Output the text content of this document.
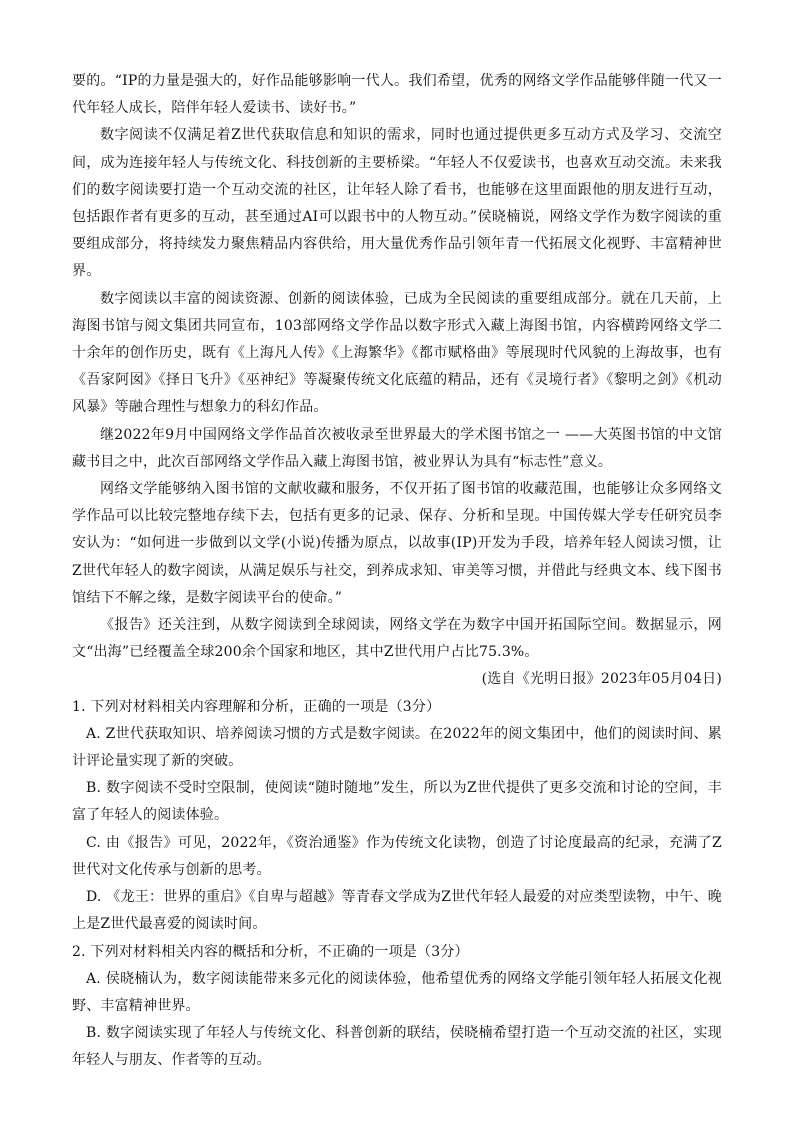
要的。“IP的力量是强大的，好作品能够影响一代人。我们希望，优秀的网络文学作品能够伴随一代又一代年轻人成长，陪伴年轻人爱读书、读好书。”

数字阅读不仅满足着Z世代获取信息和知识的需求，同时也通过提供更多互动方式及学习、交流空间，成为连接年轻人与传统文化、科技创新的主要桥梁。“年轻人不仅爱读书，也喜欢互动交流。未来我们的数字阅读要打造一个互动交流的社区，让年轻人除了看书，也能够在这里面跟他的朋友进行互动，包括跟作者有更多的互动，甚至通过AI可以跟书中的人物互动。”侯晓楠说，网络文学作为数字阅读的重要组成部分，将持续发力聚焦精品内容供给，用大量优秀作品引领年青一代拓展文化视野、丰富精神世界。

数字阅读以丰富的阅读资源、创新的阅读体验，已成为全民阅读的重要组成部分。就在几天前，上海图书馆与阅文集团共同宣布，103部网络文学作品以数字形式入藏上海图书馆，内容横跨网络文学二十余年的创作历史，既有《上海凡人传》《上海繁华》《都市赋格曲》等展现时代风貌的上海故事，也有《吾家阿囡》《择日飞升》《巫神纪》等凝聚传统文化底蕴的精品，还有《灵境行者》《黎明之剑》《机动风暴》等融合理性与想象力的科幻作品。

继2022年9月中国网络文学作品首次被收录至世界最大的学术图书馆之一 ——大英图书馆的中文馆藏书目之中，此次百部网络文学作品入藏上海图书馆，被业界认为具有“标志性”意义。

网络文学能够纳入图书馆的文献收藏和服务，不仅开拓了图书馆的收藏范围，也能够让众多网络文学作品可以比较完整地存续下去，包括有更多的记录、保存、分析和呈现。中国传媒大学专任研究员李安认为：“如何进一步做到以文学(小说)传播为原点，以故事(IP)开发为手段，培养年轻人阅读习惯，让Z世代年轻人的数字阅读，从满足娱乐与社交，到养成求知、审美等习惯，并借此与经典文本、线下图书馆结下不解之缘，是数字阅读平台的使命。”

《报告》还关注到，从数字阅读到全球阅读，网络文学在为数字中国开拓国际空间。数据显示，网文“出海”已经覆盖全球200余个国家和地区，其中Z世代用户占比75.3%。

(选自《光明日报》2023年05月04日)

1. 下列对材料相关内容理解和分析，正确的一项是（3分）

A. Z世代获取知识、培养阅读习惯的方式是数字阅读。在2022年的阅文集团中，他们的阅读时间、累计评论量实现了新的突破。

B. 数字阅读不受时空限制，使阅读“随时随地”发生，所以为Z世代提供了更多交流和讨论的空间，丰富了年轻人的阅读体验。

C. 由《报告》可见，2022年，《资治通鉴》作为传统文化读物，创造了讨论度最高的纪录，充满了Z世代对文化传承与创新的思考。

D. 《龙王：世界的重启》《自卑与超越》等青春文学成为Z世代年轻人最爱的对应类型读物，中午、晚上是Z世代最喜爱的阅读时间。

2. 下列对材料相关内容的概括和分析，不正确的一项是（3分）

A. 侯晓楠认为，数字阅读能带来多元化的阅读体验，他希望优秀的网络文学能引领年轻人拓展文化视野、丰富精神世界。

B. 数字阅读实现了年轻人与传统文化、科普创新的联结，侯晓楠希望打造一个互动交流的社区，实现年轻人与朋友、作者等的互动。
